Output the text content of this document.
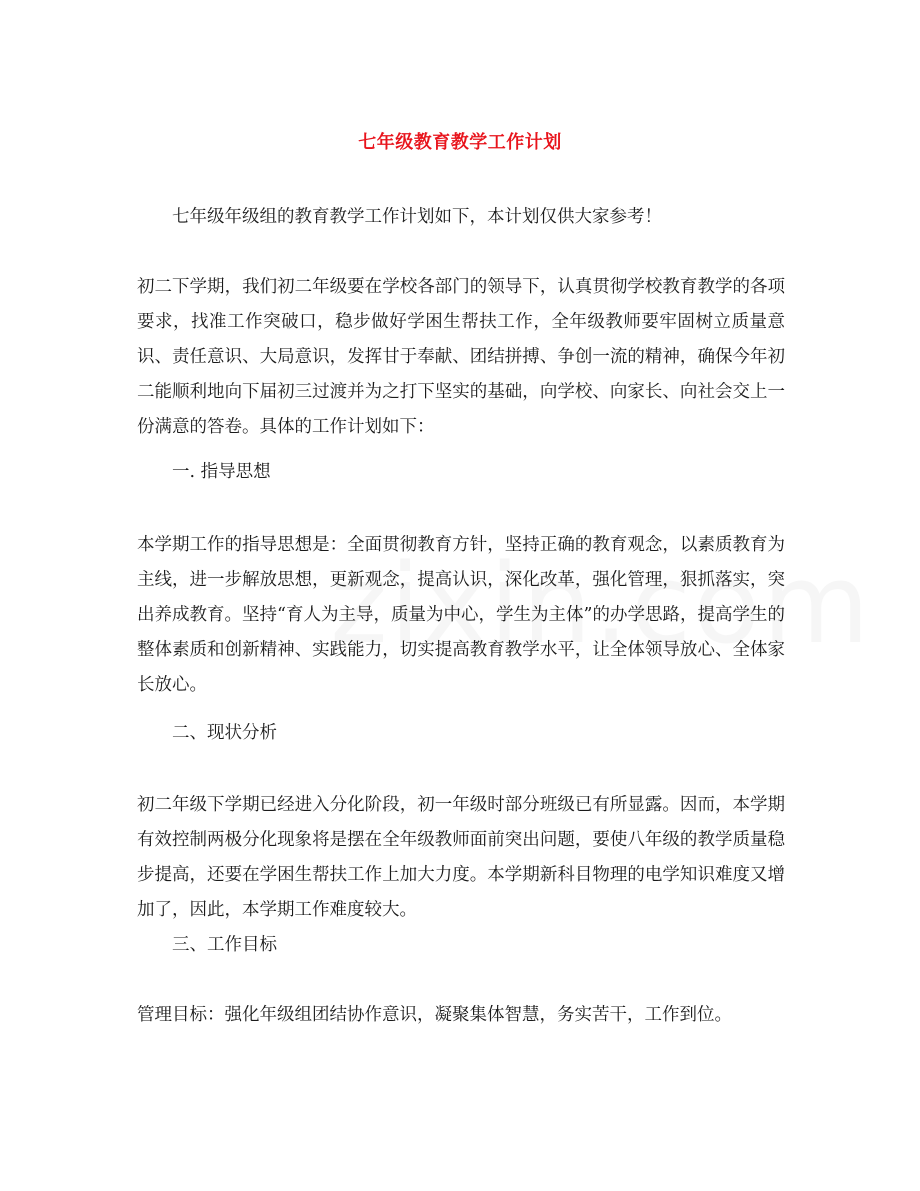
七年级教育教学工作计划
七年级年级组的教育教学工作计划如下，本计划仅供大家参考！
初二下学期，我们初二年级要在学校各部门的领导下，认真贯彻学校教育教学的各项要求，找准工作突破口，稳步做好学困生帮扶工作，全年级教师要牢固树立质量意识、责任意识、大局意识，发挥甘于奉献、团结拼搏、争创一流的精神，确保今年初二能顺利地向下届初三过渡并为之打下坚实的基础，向学校、向家长、向社会交上一份满意的答卷。具体的工作计划如下：
一. 指导思想
本学期工作的指导思想是：全面贯彻教育方针，坚持正确的教育观念，以素质教育为主线，进一步解放思想，更新观念，提高认识，深化改革，强化管理，狠抓落实，突出养成教育。坚持“育人为主导，质量为中心，学生为主体”的办学思路，提高学生的整体素质和创新精神、实践能力，切实提高教育教学水平，让全体领导放心、全体家长放心。
二、现状分析
初二年级下学期已经进入分化阶段，初一年级时部分班级已有所显露。因而，本学期有效控制两极分化现象将是摆在全年级教师面前突出问题，要使八年级的教学质量稳步提高，还要在学困生帮扶工作上加大力度。本学期新科目物理的电学知识难度又增加了，因此，本学期工作难度较大。
三、工作目标
管理目标：强化年级组团结协作意识，凝聚集体智慧，务实苦干，工作到位。
